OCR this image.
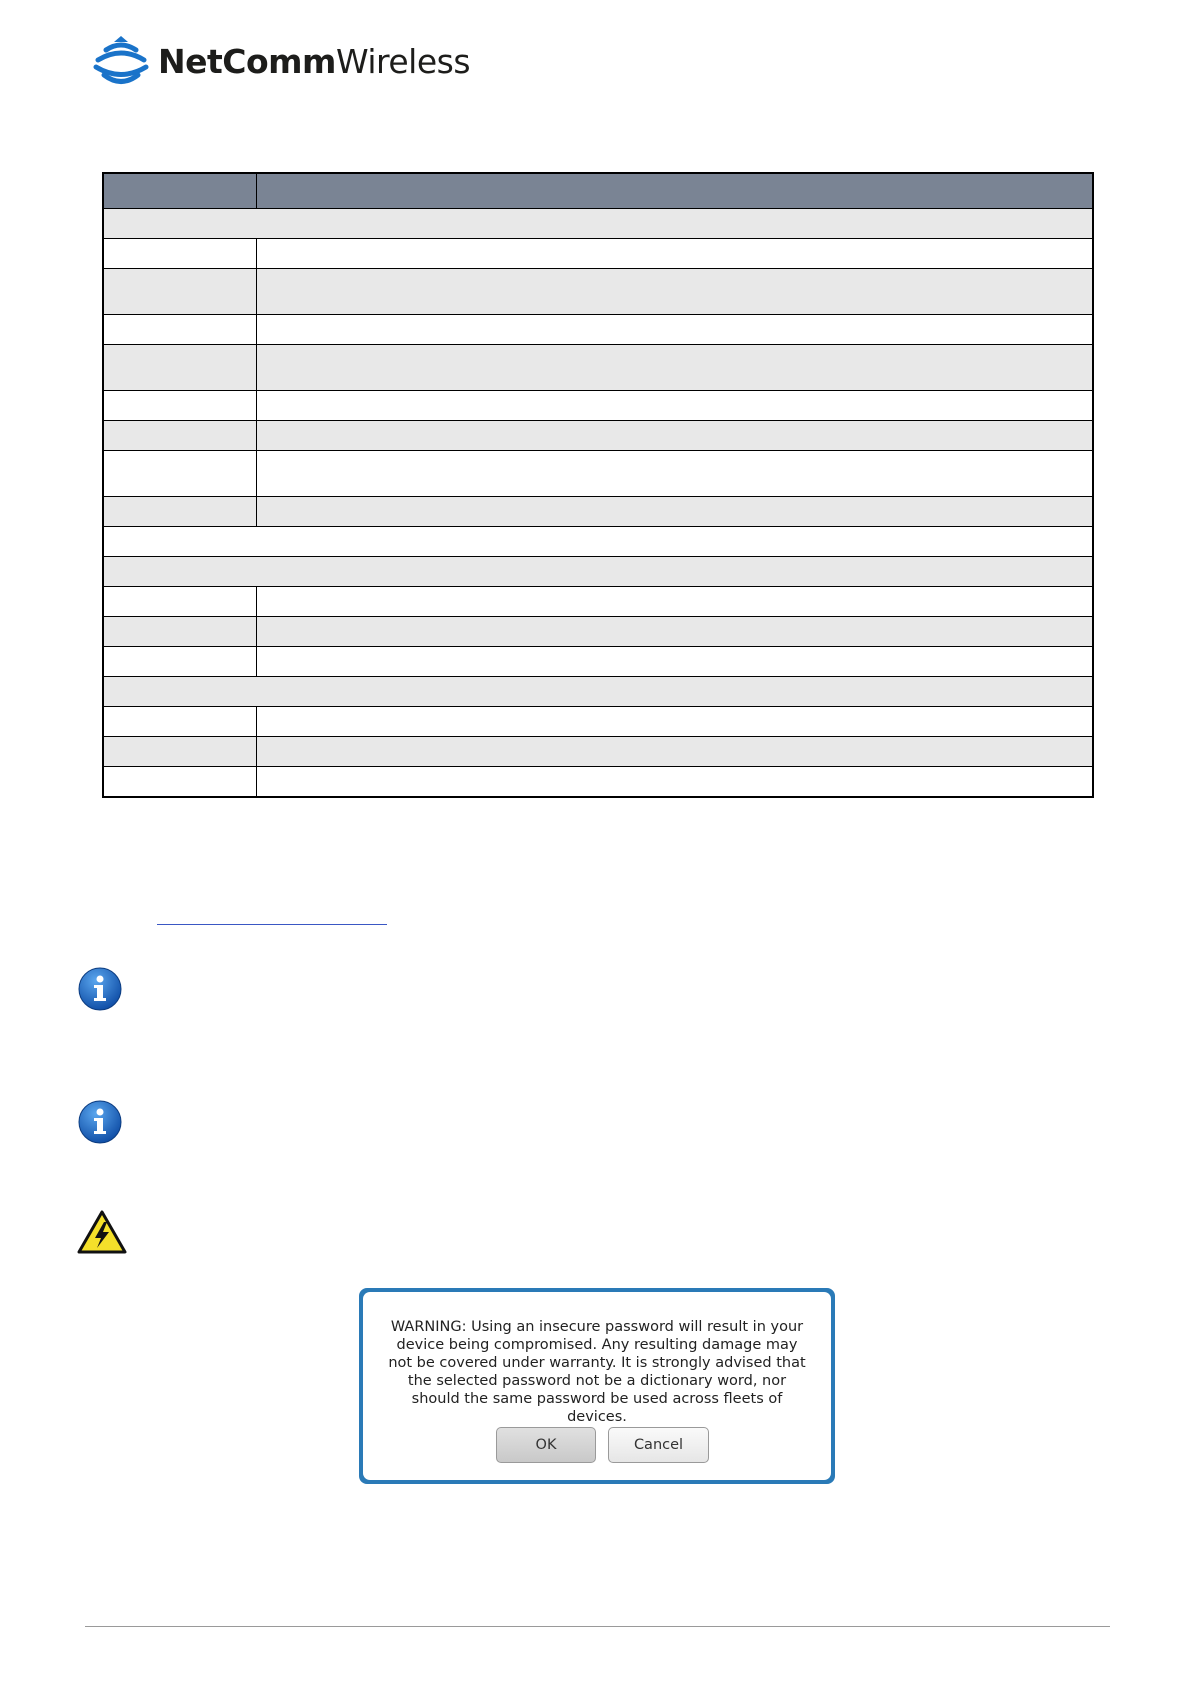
NetCommWireless

WARNING: Using an insecure password will result in your device being compromised. Any resulting damage may not be covered under warranty. It is strongly advised that the selected password not be a dictionary word, nor should the same password be used across fleets of devices.
OK	Cancel
